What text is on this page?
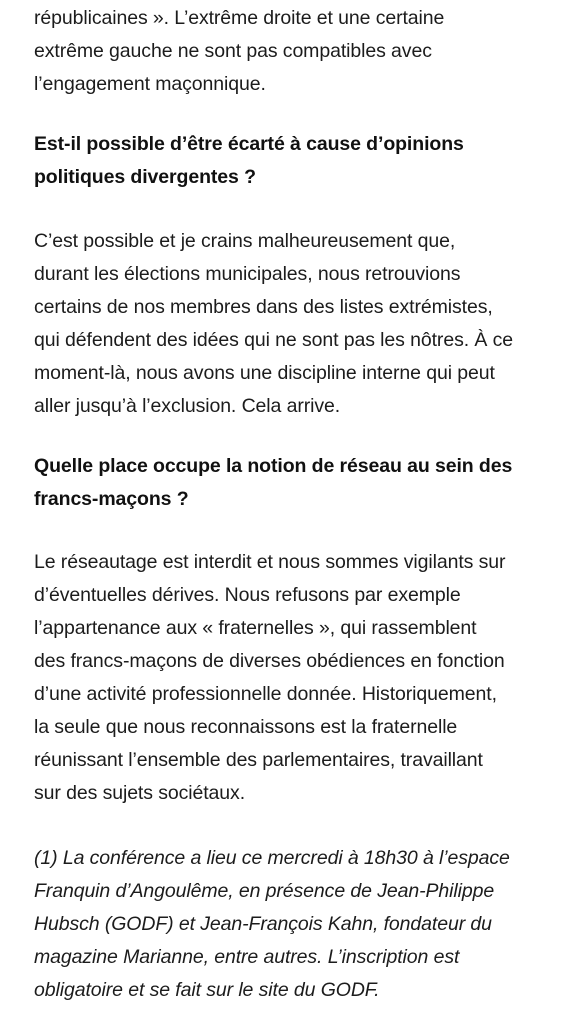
républicaines ». L’extrême droite et une certaine
extrême gauche ne sont pas compatibles avec
l’engagement maçonnique.

Est-il possible d’être écarté à cause d’opinions
politiques divergentes ?

C’est possible et je crains malheureusement que,
durant les élections municipales, nous retrouvions
certains de nos membres dans des listes extrémistes,
qui défendent des idées qui ne sont pas les nôtres. À ce
moment-là, nous avons une discipline interne qui peut
aller jusqu’à l’exclusion. Cela arrive.

Quelle place occupe la notion de réseau au sein des
francs-maçons ?

Le réseautage est interdit et nous sommes vigilants sur
d’éventuelles dérives. Nous refusons par exemple
l’appartenance aux « fraternelles », qui rassemblent
des francs-maçons de diverses obédiences en fonction
d’une activité professionnelle donnée. Historiquement,
la seule que nous reconnaissons est la fraternelle
réunissant l’ensemble des parlementaires, travaillant
sur des sujets sociétaux.

(1) La conférence a lieu ce mercredi à 18h30 à l’espace
Franquin d’Angoulême, en présence de Jean-Philippe
Hubsch (GODF) et Jean-François Kahn, fondateur du
magazine Marianne, entre autres. L’inscription est
obligatoire et se fait sur le site du GODF.
